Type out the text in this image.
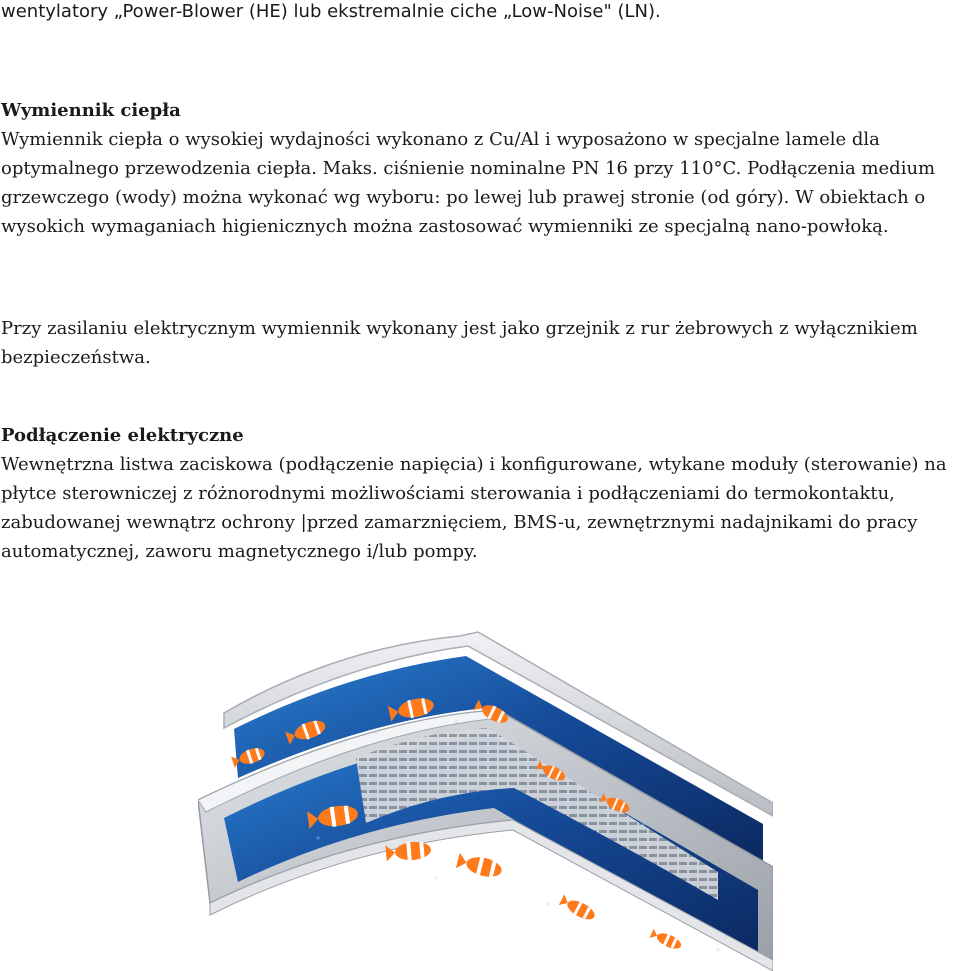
wentylatory „Power-Blower (HE) lub ekstremalnie ciche „Low-Noise" (LN).

Wymiennik ciepła
Wymiennik ciepła o wysokiej wydajności wykonano z Cu/Al i wyposażono w specjalne lamele dla optymalnego przewodzenia ciepła. Maks. ciśnienie nominalne PN 16 przy 110°C. Podłączenia medium grzewczego (wody) można wykonać wg wyboru: po lewej lub prawej stronie (od góry). W obiektach o wysokich wymaganiach higienicznych można zastosować wymienniki ze specjalną nano-powłoką.

Przy zasilaniu elektrycznym wymiennik wykonany jest jako grzejnik z rur żebrowych z wyłącznikiem bezpieczeństwa.

Podłączenie elektryczne
Wewnętrzna listwa zaciskowa (podłączenie napięcia) i konfigurowane, wtykane moduły (sterowanie) na płytce sterowniczej z różnorodnymi możliwościami sterowania i podłączeniami do termokontaktu, zabudowanej wewnątrz ochrony |przed zamarznięciem, BMS-u, zewnętrznymi nadajnikami do pracy automatycznej, zaworu magnetycznego i/lub pompy.
